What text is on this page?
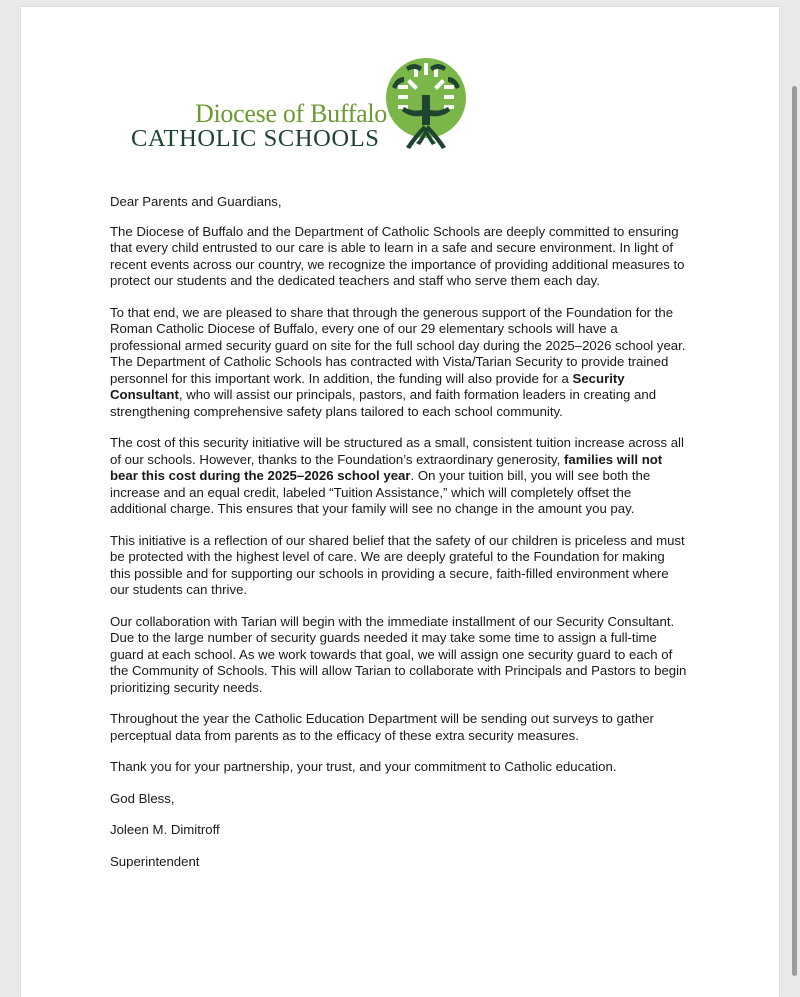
Diocese of Buffalo
CATHOLIC SCHOOLS

Dear Parents and Guardians,

The Diocese of Buffalo and the Department of Catholic Schools are deeply committed to ensuring that every child entrusted to our care is able to learn in a safe and secure environment. In light of recent events across our country, we recognize the importance of providing additional measures to protect our students and the dedicated teachers and staff who serve them each day.

To that end, we are pleased to share that through the generous support of the Foundation for the Roman Catholic Diocese of Buffalo, every one of our 29 elementary schools will have a professional armed security guard on site for the full school day during the 2025–2026 school year. The Department of Catholic Schools has contracted with Vista/Tarian Security to provide trained personnel for this important work. In addition, the funding will also provide for a Security Consultant, who will assist our principals, pastors, and faith formation leaders in creating and strengthening comprehensive safety plans tailored to each school community.

The cost of this security initiative will be structured as a small, consistent tuition increase across all of our schools. However, thanks to the Foundation’s extraordinary generosity, families will not bear this cost during the 2025–2026 school year. On your tuition bill, you will see both the increase and an equal credit, labeled “Tuition Assistance,” which will completely offset the additional charge. This ensures that your family will see no change in the amount you pay.

This initiative is a reflection of our shared belief that the safety of our children is priceless and must be protected with the highest level of care. We are deeply grateful to the Foundation for making this possible and for supporting our schools in providing a secure, faith-filled environment where our students can thrive.

Our collaboration with Tarian will begin with the immediate installment of our Security Consultant. Due to the large number of security guards needed it may take some time to assign a full-time guard at each school. As we work towards that goal, we will assign one security guard to each of the Community of Schools. This will allow Tarian to collaborate with Principals and Pastors to begin prioritizing security needs.

Throughout the year the Catholic Education Department will be sending out surveys to gather perceptual data from parents as to the efficacy of these extra security measures.

Thank you for your partnership, your trust, and your commitment to Catholic education.

God Bless,

Joleen M. Dimitroff

Superintendent
